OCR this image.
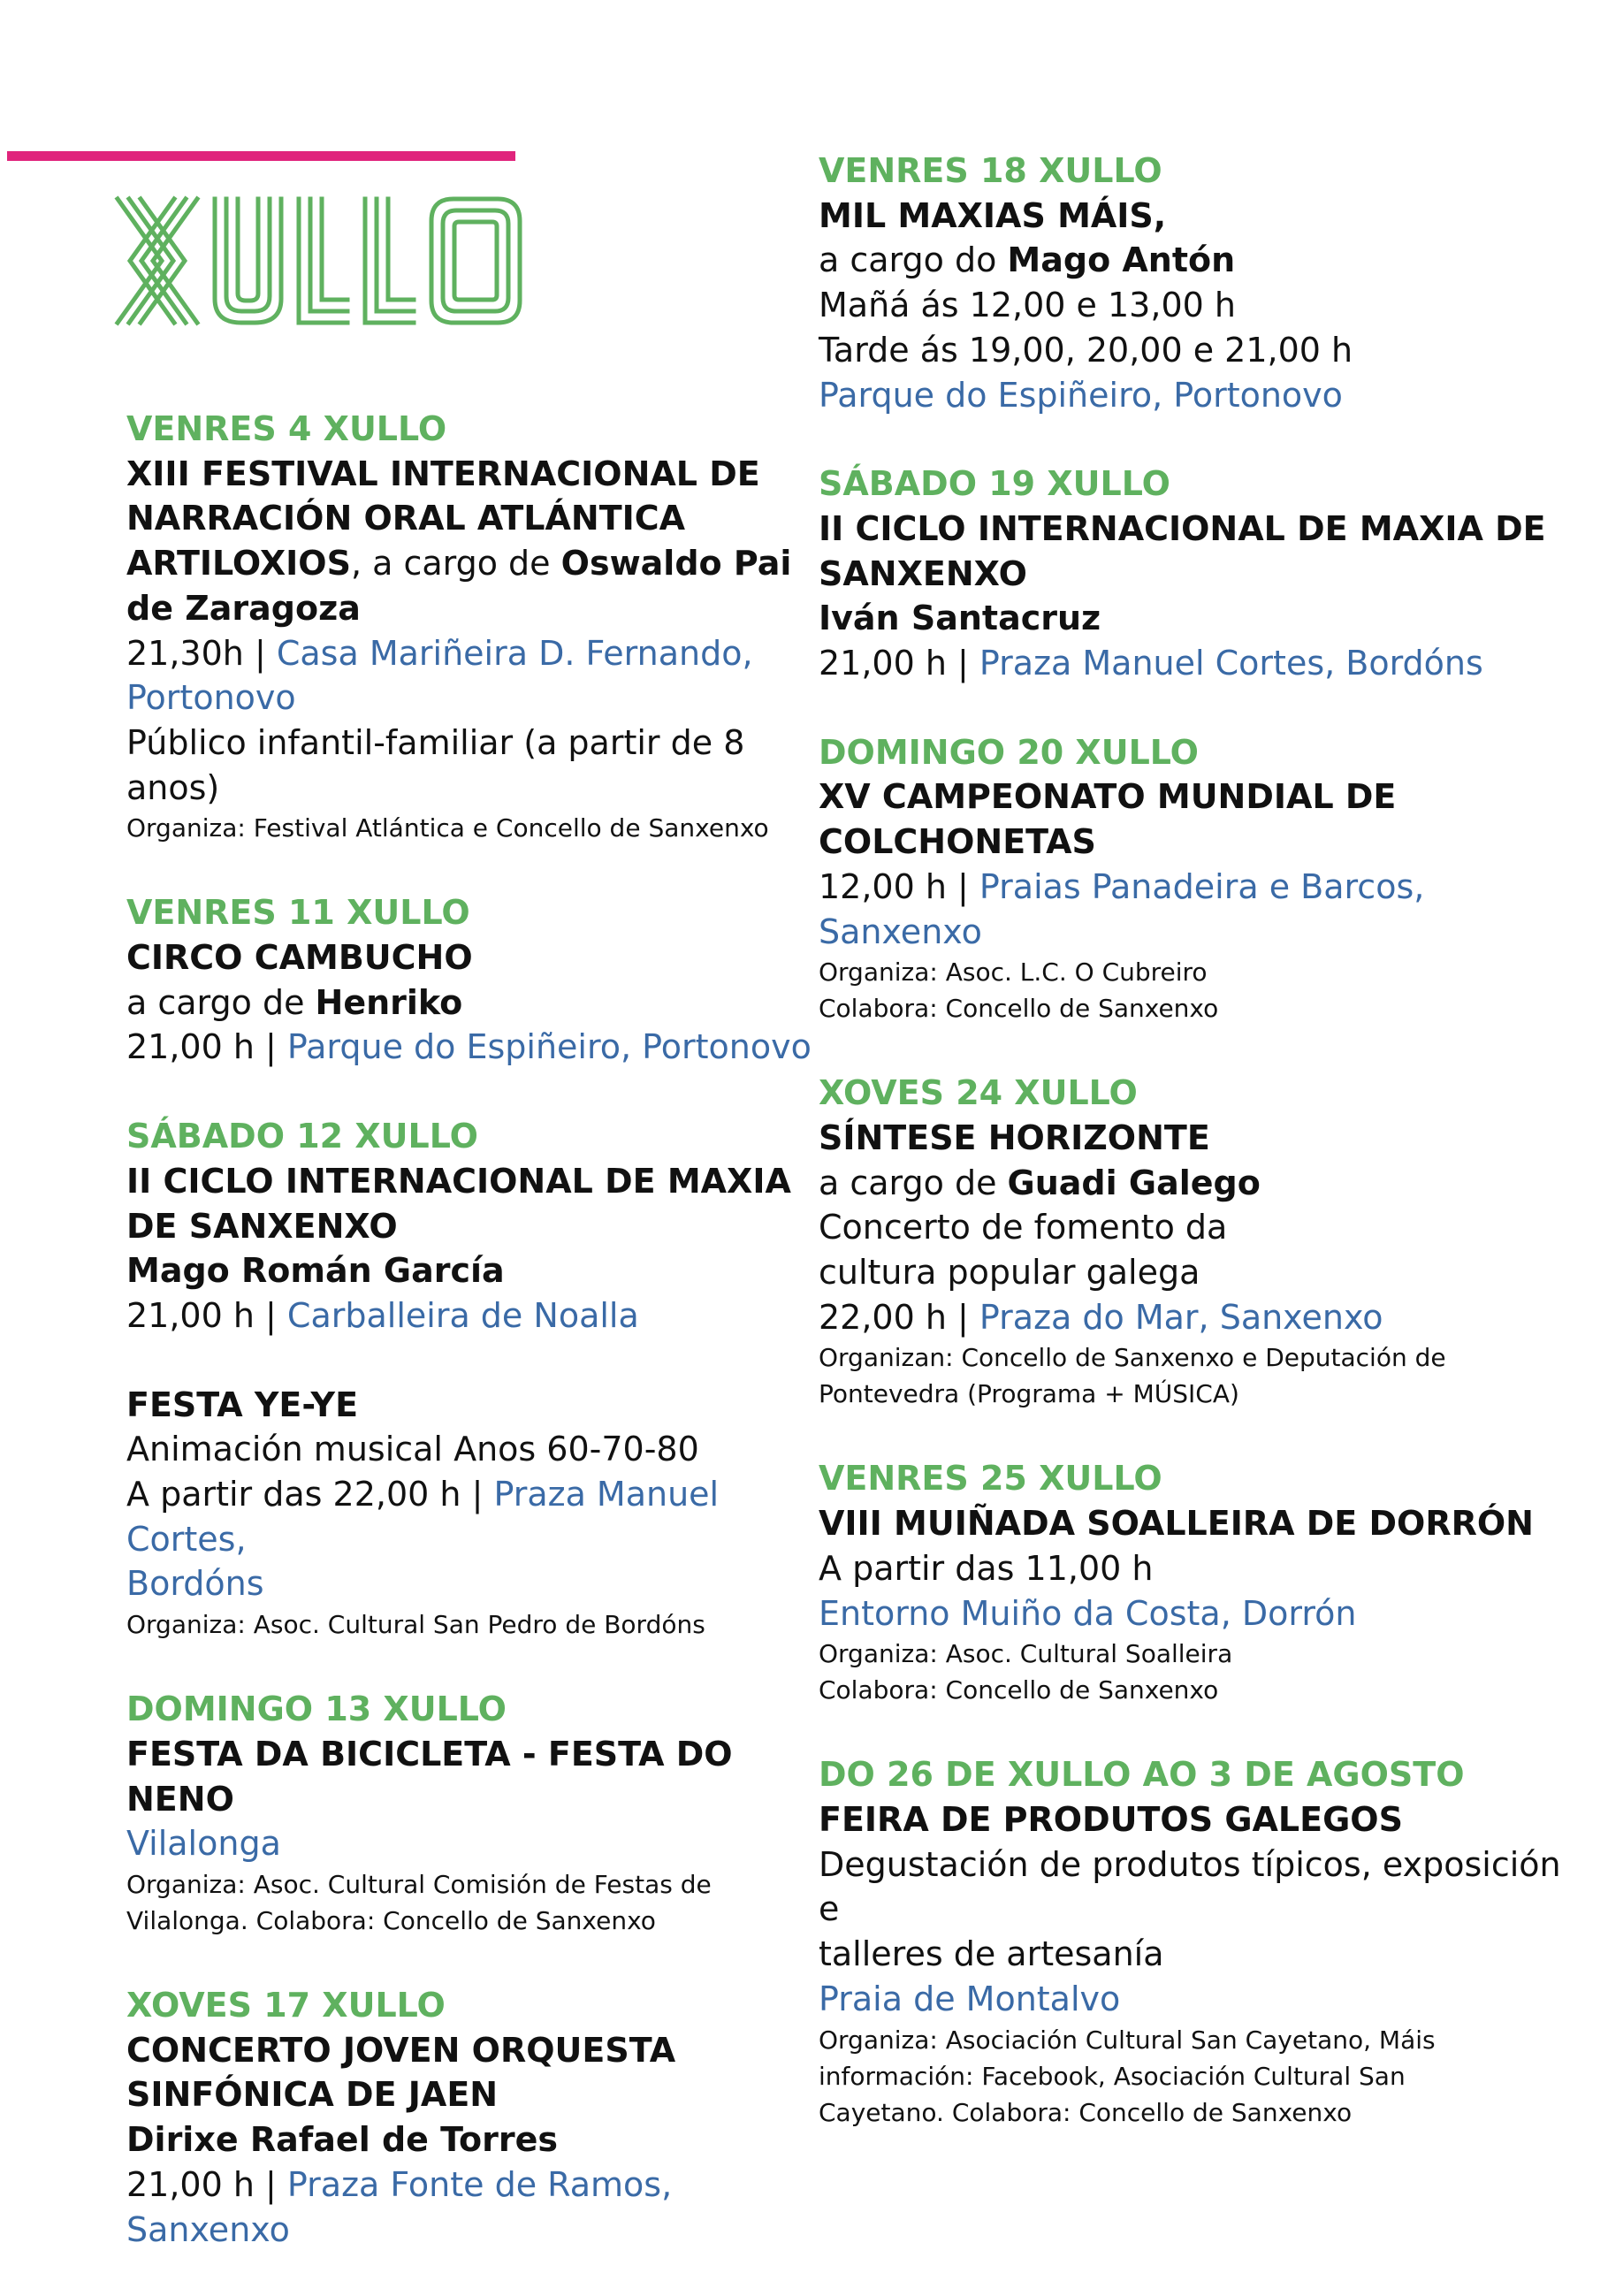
VENRES 4 XULLO
XIII FESTIVAL INTERNACIONAL DE
NARRACIÓN ORAL ATLÁNTICA
ARTILOXIOS, a cargo de Oswaldo Pai
de Zaragoza
21,30h | Casa Mariñeira D. Fernando,
Portonovo
Público infantil-familiar (a partir de 8 anos)
Organiza: Festival Atlántica e Concello de Sanxenxo
VENRES 11 XULLO
CIRCO CAMBUCHO
a cargo de Henriko
21,00 h | Parque do Espiñeiro, Portonovo
SÁBADO 12 XULLO
II CICLO INTERNACIONAL DE MAXIA
DE SANXENXO
Mago Román García
21,00 h | Carballeira de Noalla
FESTA YE-YE
Animación musical Anos 60-70-80
A partir das 22,00 h | Praza Manuel Cortes,
Bordóns
Organiza: Asoc. Cultural San Pedro de Bordóns
DOMINGO 13 XULLO
FESTA DA BICICLETA - FESTA DO NENO
Vilalonga
Organiza: Asoc. Cultural Comisión de Festas de
Vilalonga. Colabora: Concello de Sanxenxo
XOVES 17 XULLO
CONCERTO JOVEN ORQUESTA
SINFÓNICA DE JAEN
Dirixe Rafael de Torres
21,00 h | Praza Fonte de Ramos, Sanxenxo
VENRES 18 XULLO
MIL MAXIAS MÁIS,
a cargo do Mago Antón
Mañá ás 12,00 e 13,00 h
Tarde ás 19,00, 20,00 e 21,00 h
Parque do Espiñeiro, Portonovo
SÁBADO 19 XULLO
II CICLO INTERNACIONAL DE MAXIA DE
SANXENXO
Iván Santacruz
21,00 h | Praza Manuel Cortes, Bordóns
DOMINGO 20 XULLO
XV CAMPEONATO MUNDIAL DE
COLCHONETAS
12,00 h | Praias Panadeira e Barcos,
Sanxenxo
Organiza: Asoc. L.C. O Cubreiro
Colabora: Concello de Sanxenxo
XOVES 24 XULLO
SÍNTESE HORIZONTE
a cargo de Guadi Galego
Concerto de fomento da
cultura popular galega
22,00 h | Praza do Mar, Sanxenxo
Organizan: Concello de Sanxenxo e Deputación de
Pontevedra (Programa + MÚSICA)
VENRES 25 XULLO
VIII MUIÑADA SOALLEIRA DE DORRÓN
A partir das 11,00 h
Entorno Muiño da Costa, Dorrón
Organiza: Asoc. Cultural Soalleira
Colabora: Concello de Sanxenxo
DO 26 DE XULLO AO 3 DE AGOSTO
FEIRA DE PRODUTOS GALEGOS
Degustación de produtos típicos, exposición e
talleres de artesanía
Praia de Montalvo
Organiza: Asociación Cultural San Cayetano, Máis
información: Facebook, Asociación Cultural San
Cayetano. Colabora: Concello de Sanxenxo
